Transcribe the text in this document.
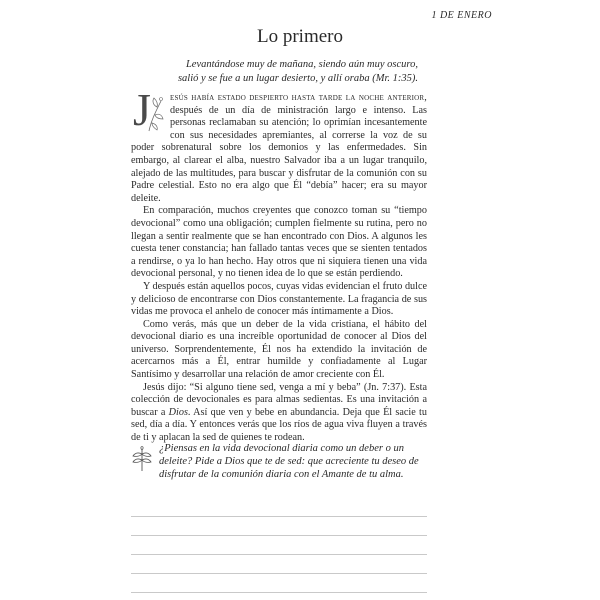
1 DE ENERO
Lo primero
Levantándose muy de mañana, siendo aún muy oscuro,
salió y se fue a un lugar desierto, y allí oraba (Mr. 1:35).
J	esús había estado despierto hasta tarde la noche anterior, después de un día de ministración largo e intenso. Las personas reclamaban su atención; lo oprimían incesantemente con sus necesidades apremiantes, al correrse la voz de su poder sobrenatural sobre los demonios y las enfermedades. Sin embargo, al clarear el alba, nuestro Salvador iba a un lugar tranquilo, alejado de las multitudes, para buscar y disfrutar de la comunión con su Padre celestial. Esto no era algo que Él “debía” hacer; era su mayor deleite.

En comparación, muchos creyentes que conozco toman su “tiempo devocional” como una obligación; cumplen fielmente su rutina, pero no llegan a sentir realmente que se han encontrado con Dios. A algunos les cuesta tener constancia; han fallado tantas veces que se sienten tentados a rendirse, o ya lo han hecho. Hay otros que ni siquiera tienen una vida devocional personal, y no tienen idea de lo que se están perdiendo.

Y después están aquellos pocos, cuyas vidas evidencian el fruto dulce y delicioso de encontrarse con Dios constantemente. La fragancia de sus vidas me provoca el anhelo de conocer más íntimamente a Dios.

Como verás, más que un deber de la vida cristiana, el hábito del devocional diario es una increíble oportunidad de conocer al Dios del universo. Sorprendentemente, Él nos ha extendido la invitación de acercarnos más a Él, entrar humilde y confiadamente al Lugar Santísimo y desarrollar una relación de amor creciente con Él.

Jesús dijo: “Si alguno tiene sed, venga a mí y beba” (Jn. 7:37). Esta colección de devocionales es para almas sedientas. Es una invitación a buscar a Dios. Así que ven y bebe en abundancia. Deja que Él sacie tu sed, día a día. Y entonces verás que los ríos de agua viva fluyen a través de ti y aplacan la sed de quienes te rodean.

¿Piensas en la vida devocional diaria como un deber o un deleite? Pide a Dios que te de sed: que acreciente tu deseo de disfrutar de la comunión diaria con el Amante de tu alma.
